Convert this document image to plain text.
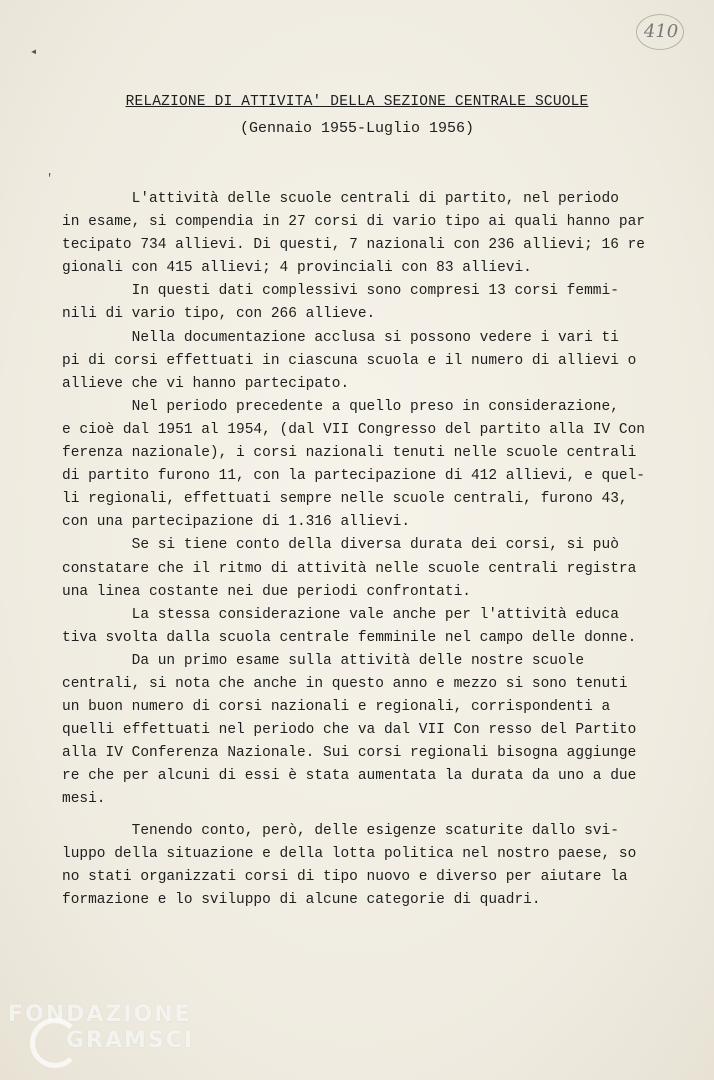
410
◂
'
RELAZIONE DI ATTIVITA' DELLA SEZIONE CENTRALE SCUOLE
(Gennaio 1955-Luglio 1956)
L'attività delle scuole centrali di partito, nel periodo
in esame, si compendia in 27 corsi di vario tipo ai quali hanno par
tecipato 734 allievi. Di questi, 7 nazionali con 236 allievi; 16 re
gionali con 415 allievi; 4 provinciali con 83 allievi.
In questi dati complessivi sono compresi 13 corsi femmi-
nili di vario tipo, con 266 allieve.
Nella documentazione acclusa si possono vedere i vari ti
pi di corsi effettuati in ciascuna scuola e il numero di allievi o
allieve che vi hanno partecipato.
Nel periodo precedente a quello preso in considerazione,
e cioè dal 1951 al 1954, (dal VII Congresso del partito alla IV Con
ferenza nazionale), i corsi nazionali tenuti nelle scuole centrali
di partito furono 11, con la partecipazione di 412 allievi, e quel-
li regionali, effettuati sempre nelle scuole centrali, furono 43,
con una partecipazione di 1.316 allievi.
Se si tiene conto della diversa durata dei corsi, si può
constatare che il ritmo di attività nelle scuole centrali registra
una linea costante nei due periodi confrontati.
La stessa considerazione vale anche per l'attività educa
tiva svolta dalla scuola centrale femminile nel campo delle donne.
Da un primo esame sulla attività delle nostre scuole
centrali, si nota che anche in questo anno e mezzo si sono tenuti
un buon numero di corsi nazionali e regionali, corrispondenti a
quelli effettuati nel periodo che va dal VII Con resso del Partito
alla IV Conferenza Nazionale. Sui corsi regionali bisogna aggiunge
re che per alcuni di essi è stata aumentata la durata da uno a due
mesi.
Tenendo conto, però, delle esigenze scaturite dallo svi-
luppo della situazione e della lotta politica nel nostro paese, so
no stati organizzati corsi di tipo nuovo e diverso per aiutare la
formazione e lo sviluppo di alcune categorie di quadri.
FONDAZIONE
GRAMSCI
